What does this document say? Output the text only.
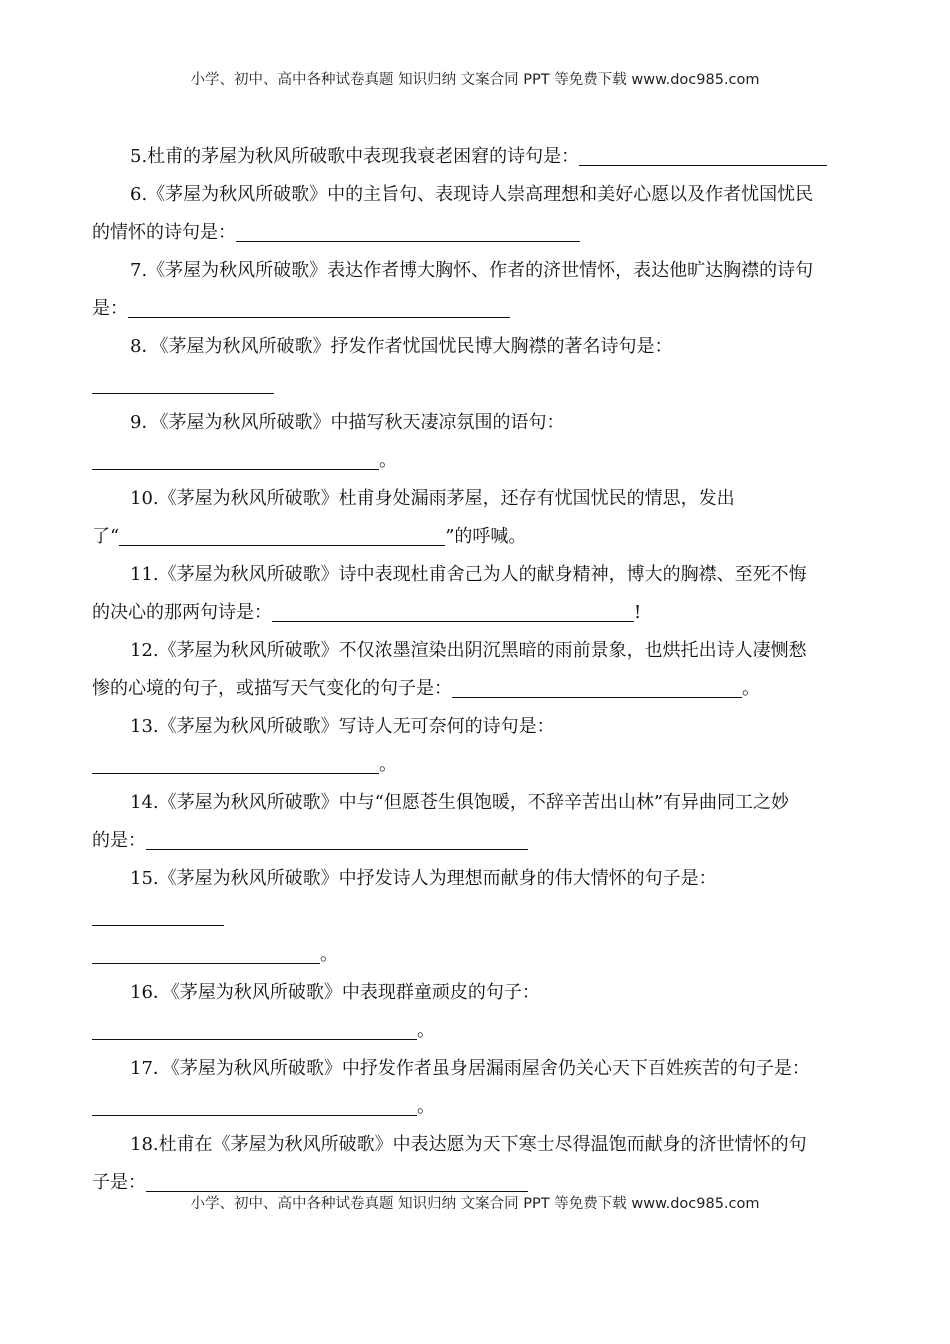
小学、初中、高中各种试卷真题 知识归纳 文案合同 PPT 等免费下载 www.doc985.com

5.杜甫的茅屋为秋风所破歌中表现我衰老困窘的诗句是：

6.《茅屋为秋风所破歌》中的主旨句、表现诗人崇高理想和美好心愿以及作者忧国忧民
的情怀的诗句是：

7.《茅屋为秋风所破歌》表达作者博大胸怀、作者的济世情怀，表达他旷达胸襟的诗句
是：

8．《茅屋为秋风所破歌》抒发作者忧国忧民博大胸襟的著名诗句是：

9．《茅屋为秋风所破歌》中描写秋天凄凉氛围的语句：
。

10.《茅屋为秋风所破歌》杜甫身处漏雨茅屋，还存有忧国忧民的情思，发出
了“	”的呼喊。

11.《茅屋为秋风所破歌》诗中表现杜甫舍己为人的献身精神，博大的胸襟、至死不悔
的决心的那两句诗是：	!

12.《茅屋为秋风所破歌》不仅浓墨渲染出阴沉黑暗的雨前景象，也烘托出诗人凄恻愁
惨的心境的句子，或描写天气变化的句子是：	。

13.《茅屋为秋风所破歌》写诗人无可奈何的诗句是：
。

14.《茅屋为秋风所破歌》中与“但愿苍生俱饱暖，不辞辛苦出山林”有异曲同工之妙
的是：

15.《茅屋为秋风所破歌》中抒发诗人为理想而献身的伟大情怀的句子是：
。

16．《茅屋为秋风所破歌》中表现群童顽皮的句子：
。

17．《茅屋为秋风所破歌》中抒发作者虽身居漏雨屋舍仍关心天下百姓疾苦的句子是：
。

18.杜甫在《茅屋为秋风所破歌》中表达愿为天下寒士尽得温饱而献身的济世情怀的句
子是：

小学、初中、高中各种试卷真题 知识归纳 文案合同 PPT 等免费下载 www.doc985.com
